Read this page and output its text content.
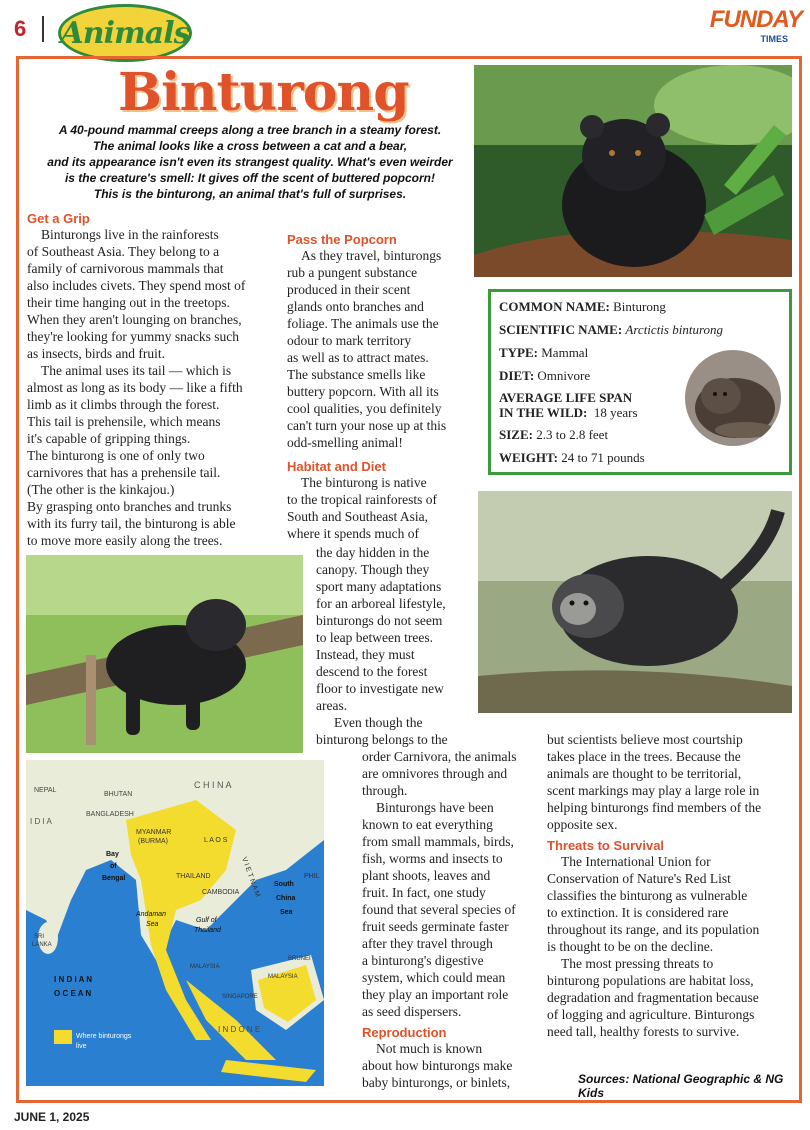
6 Animals	FUNDAY
TIMES
Binturong
A 40-pound mammal creeps along a tree branch in a steamy forest.
The animal looks like a cross between a cat and a bear,
and its appearance isn't even its strangest quality. What's even weirder
is the creature's smell: It gives off the scent of buttered popcorn!
This is the binturong, an animal that's full of surprises.
Get a Grip

Binturongs live in the rainforests

of Southeast Asia. They belong to a

family of carnivorous mammals that

also includes civets. They spend most of

their time hanging out in the treetops.

When they aren't lounging on branches,

they're looking for yummy snacks such

as insects, birds and fruit.

The animal uses its tail — which is

almost as long as its body — like a fifth

limb as it climbs through the forest.

This tail is prehensile, which means

it's capable of gripping things.

The binturong is one of only two

carnivores that has a prehensile tail.

(The other is the kinkajou.)

By grasping onto branches and trunks

with its furry tail, the binturong is able

to move more easily along the trees.

Pass the Popcorn

As they travel, binturongs

rub a pungent substance

produced in their scent

glands onto branches and

foliage. The animals use the

odour to mark territory

as well as to attract mates.

The substance smells like

buttery popcorn. With all its

cool qualities, you definitely

can't turn your nose up at this

odd-smelling animal!

Habitat and Diet

The binturong is native

to the tropical rainforests of

South and Southeast Asia,

where it spends much of

the day hidden in the

canopy. Though they

sport many adaptations

for an arboreal lifestyle,

binturongs do not seem

to leap between trees.

Instead, they must

descend to the forest

floor to investigate new

areas.

Even though the

binturong belongs to the

order Carnivora, the animals

are omnivores through and

through.

Binturongs have been

known to eat everything

from small mammals, birds,

fish, worms and insects to

plant shoots, leaves and

fruit. In fact, one study

found that several species of

fruit seeds germinate faster

after they travel through

a binturong's digestive

system, which could mean

they play an important role

as seed dispersers.

Reproduction

Not much is known

about how binturongs make

baby binturongs, or binlets,

but scientists believe most courtship

takes place in the trees. Because the

animals are thought to be territorial,

scent markings may play a large role in

helping binturongs find members of the

opposite sex.

Threats to Survival

The International Union for

Conservation of Nature's Red List

classifies the binturong as vulnerable

to extinction. It is considered rare

throughout its range, and its population

is thought to be on the decline.

The most pressing threats to

binturong populations are habitat loss,

degradation and fragmentation because

of logging and agriculture. Binturongs

need tall, healthy forests to survive.

COMMON NAME: Binturong
SCIENTIFIC NAME: Arctictis binturong
TYPE: Mammal
DIET: Omnivore
AVERAGE LIFE SPAN
IN THE WILD: 18 years
SIZE: 2.3 to 2.8 feet
WEIGHT: 24 to 71 pounds
C H I N A
NEPAL
BHUTAN
BANGLADESH
I D I A
MYANMAR
(BURMA)	L A O S
V I E T N A M
THAILAND
CAMBODIA
Bay
of
Bengal
Andaman
Sea
Gulf of
Thailand
South
China
Sea
PHIL
BRUNEI
MALAYSIA
MALAYSIA
SINGAPORE
SRI
LANKA
I N D I A N
O C E A N
I N D O N E
Where binturongs
live
Sources: National Geographic & NG Kids
JUNE 1, 2025
